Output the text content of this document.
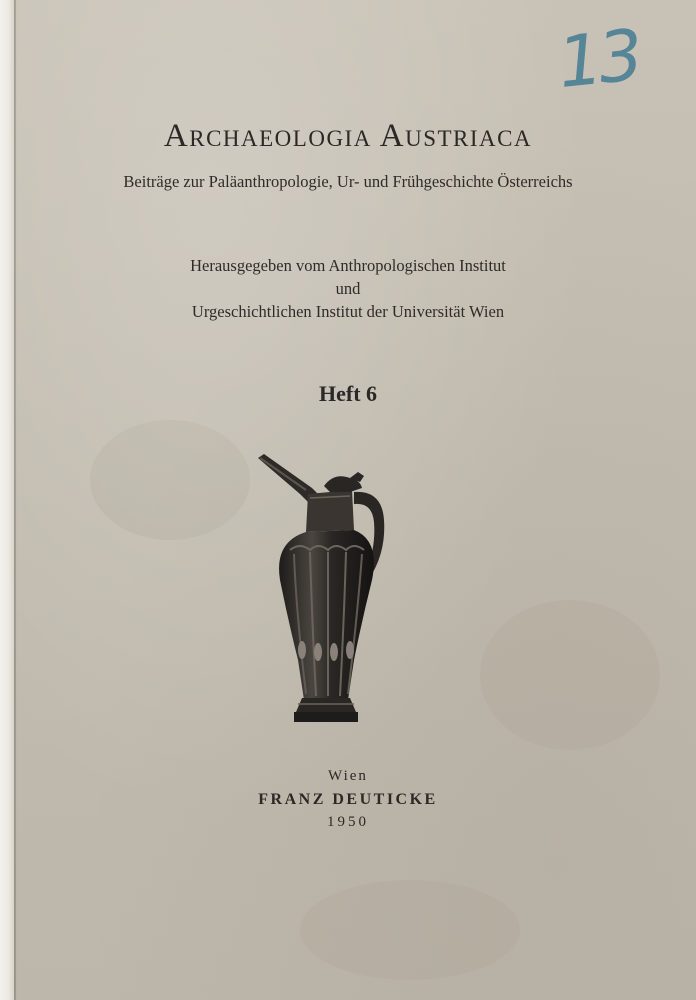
13
Archaeologia Austriaca
Beiträge zur Paläanthropologie, Ur- und Frühgeschichte Österreichs
Herausgegeben vom Anthropologischen Institut
und
Urgeschichtlichen Institut der Universität Wien
Heft 6
Wien
FRANZ DEUTICKE
1950
